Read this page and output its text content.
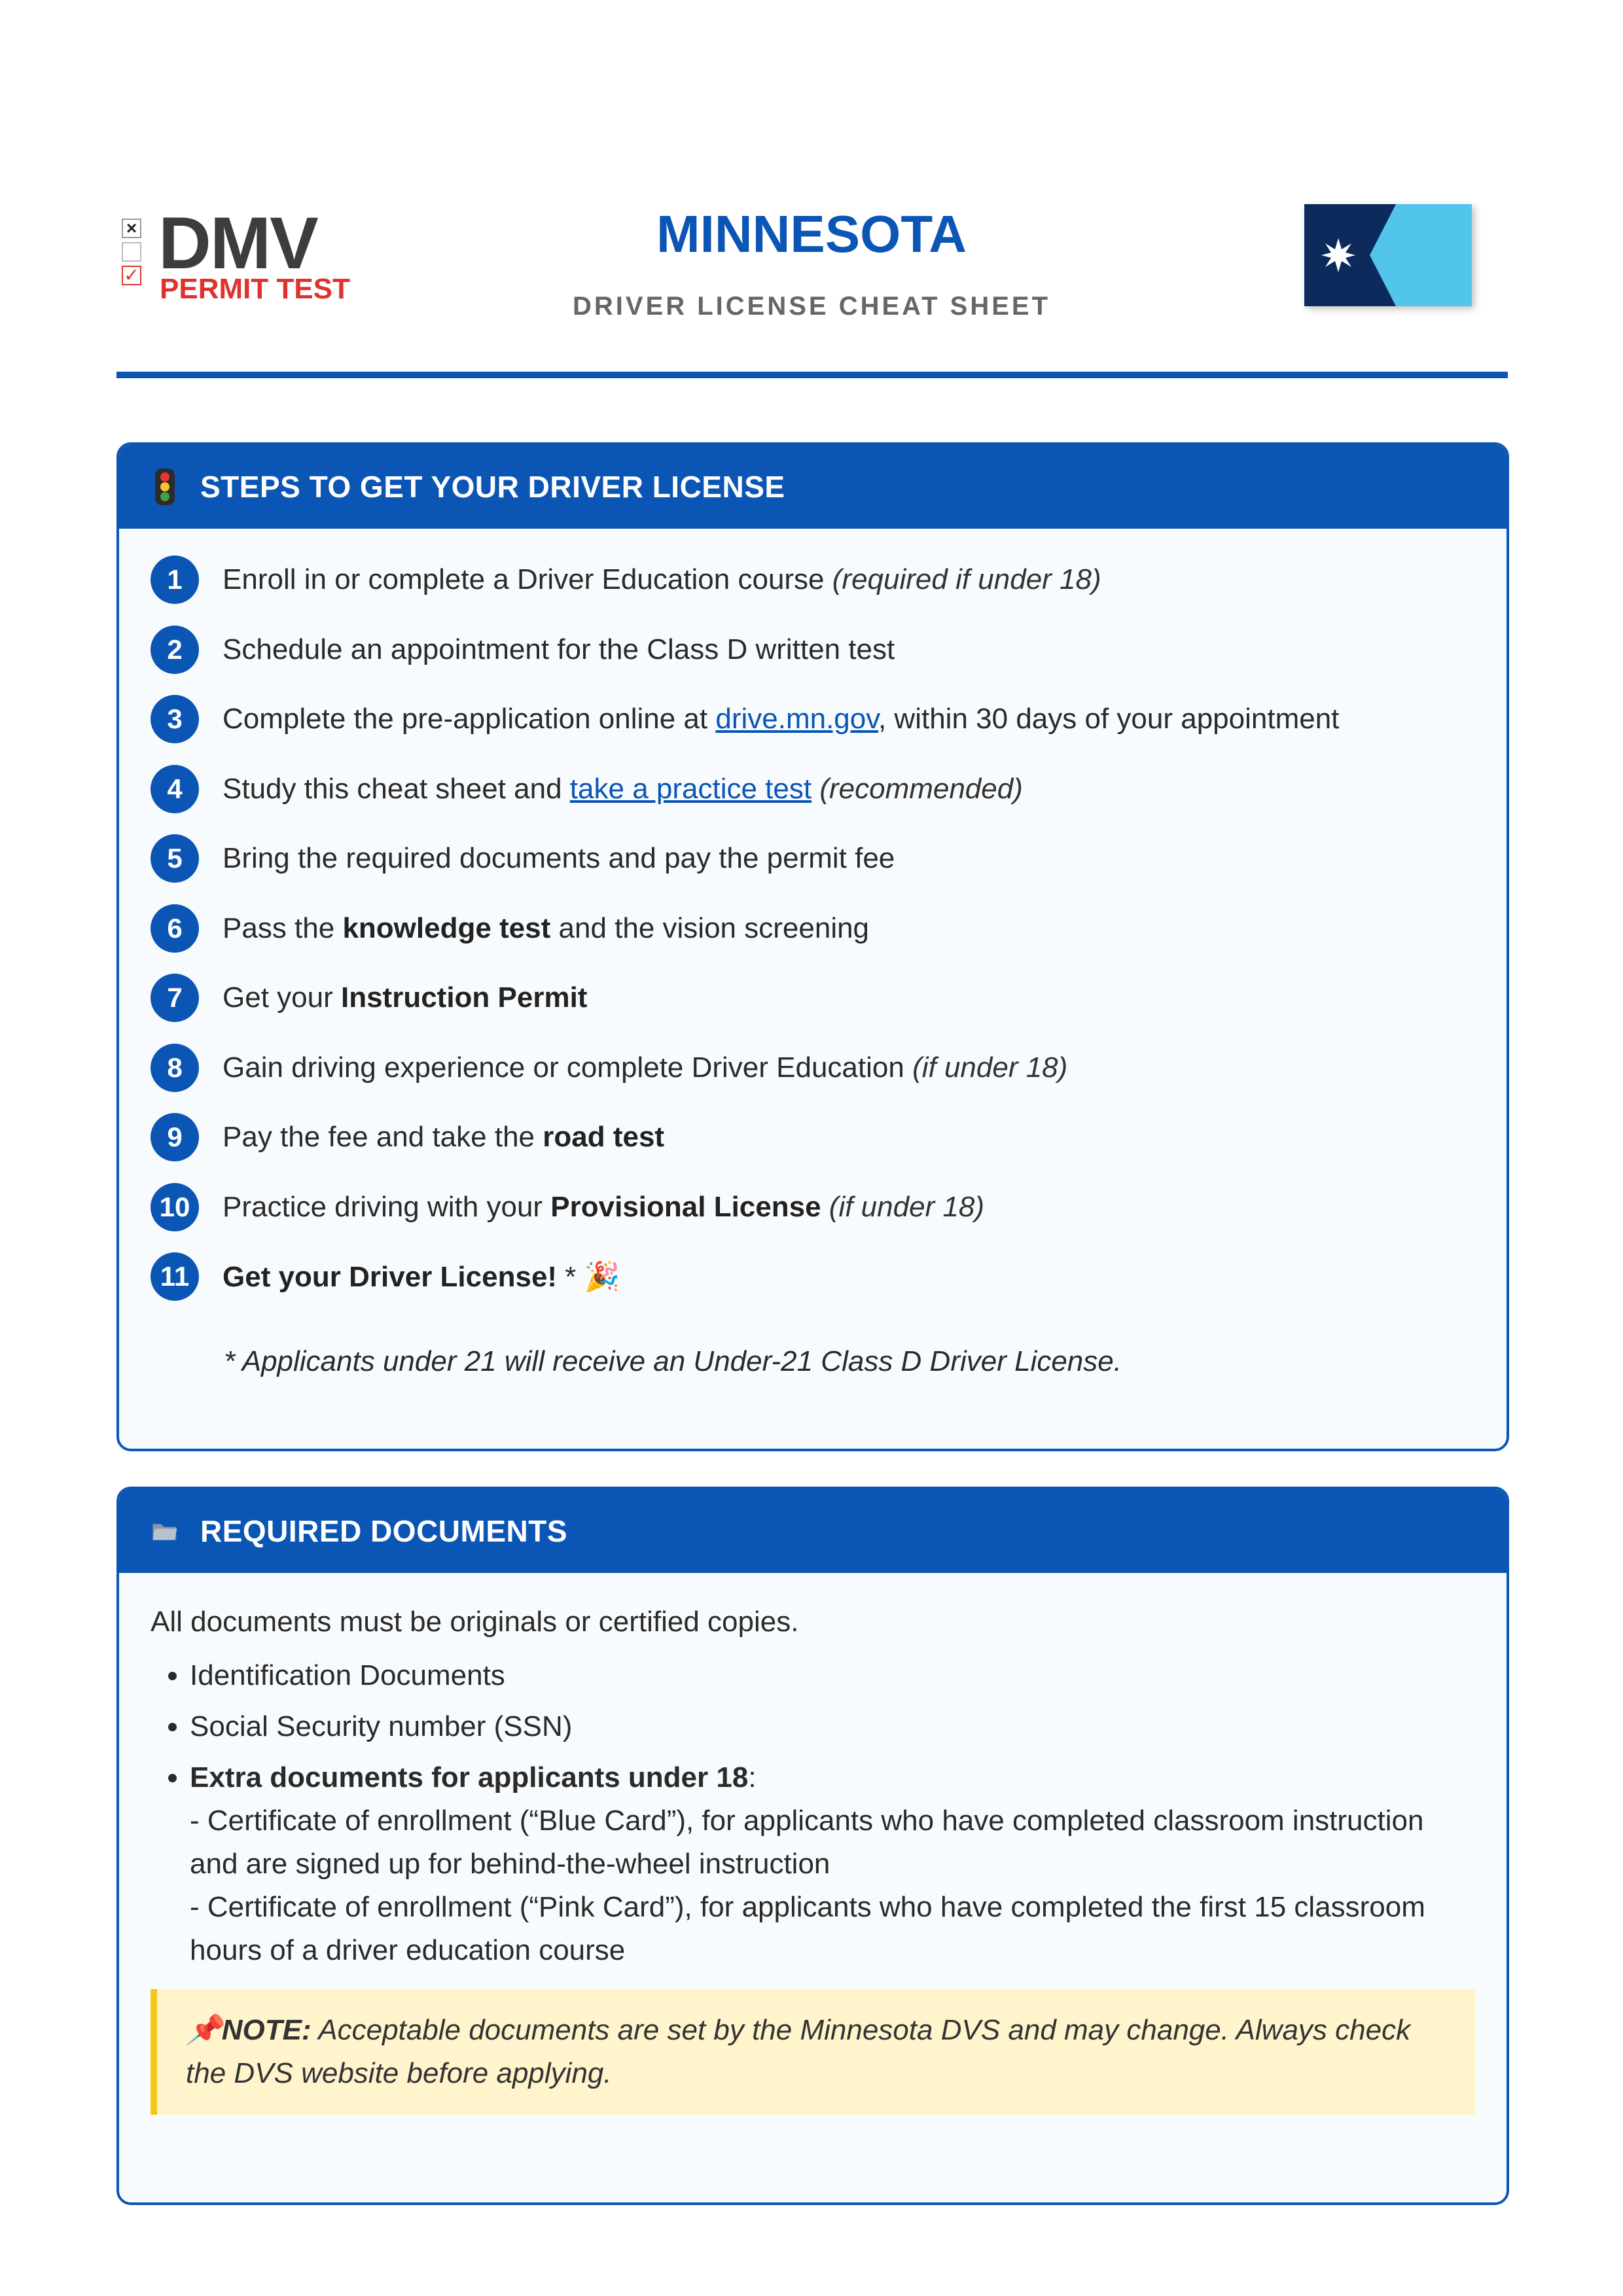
×
✓ DMV
PERMIT TEST
MINNESOTA
DRIVER LICENSE CHEAT SHEET
STEPS TO GET YOUR DRIVER LICENSE
1	Enroll in or complete a Driver Education course (required if under 18)
2	Schedule an appointment for the Class D written test
3	Complete the pre-application online at drive.mn.gov, within 30 days of your appointment
4	Study this cheat sheet and take a practice test (recommended)
5	Bring the required documents and pay the permit fee
6	Pass the knowledge test and the vision screening
7	Get your Instruction Permit
8	Gain driving experience or complete Driver Education (if under 18)
9	Pay the fee and take the road test
10	Practice driving with your Provisional License (if under 18)
11	Get your Driver License! * 🎉
* Applicants under 21 will receive an Under-21 Class D Driver License.
REQUIRED DOCUMENTS

All documents must be originals or certified copies.

• Identification Documents
• Social Security number (SSN)
• Extra documents for applicants under 18:
- Certificate of enrollment (“Blue Card”), for applicants who have completed classroom instruction and are signed up for behind-the-wheel instruction
- Certificate of enrollment (“Pink Card”), for applicants who have completed the first 15 classroom hours of a driver education course
📌NOTE: Acceptable documents are set by the Minnesota DVS and may change. Always check the DVS website before applying.
